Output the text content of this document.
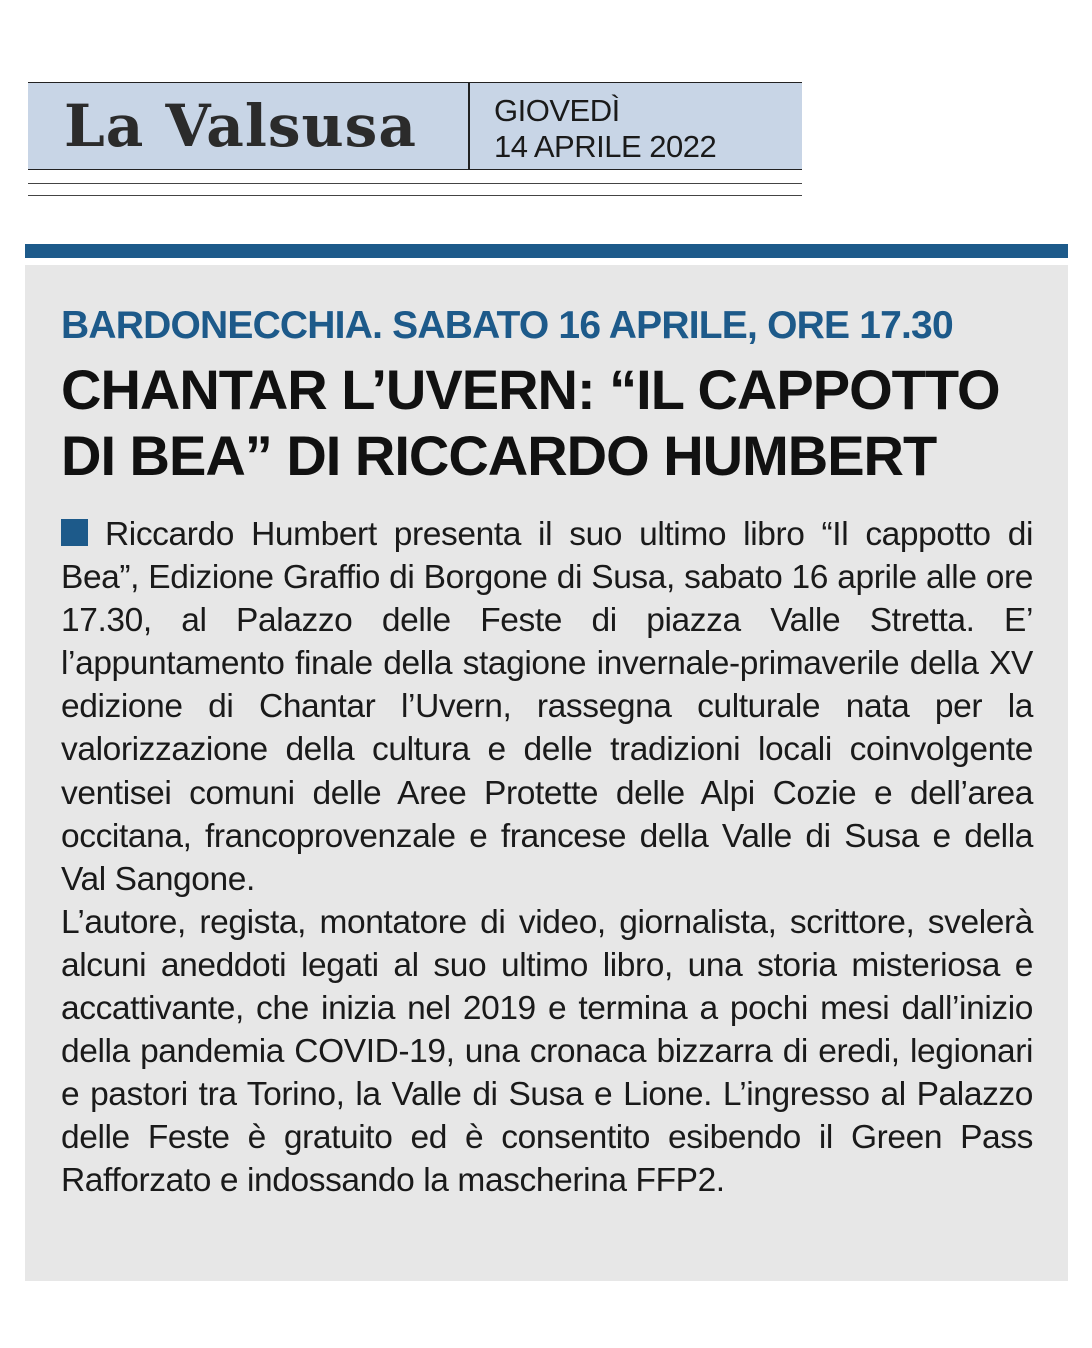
La Valsusa GIOVEDÌ
14 APRILE 2022
BARDONECCHIA. SABATO 16 APRILE, ORE 17.30
CHANTAR L’UVERN: “IL CAPPOTTO
DI BEA” DI RICCARDO HUMBERT

Riccardo Humbert presenta il suo ultimo libro “Il cappotto di Bea”, Edizione Graffio di Borgone di Susa, sabato 16 aprile alle ore 17.30, al Palazzo delle Feste di piazza Valle Stretta. E’ l’appuntamento finale della stagione invernale-primaverile della XV edizione di Chantar l’Uvern, rassegna culturale nata per la valorizzazione della cultura e delle tradizioni locali coinvolgente ventisei comuni delle Aree Protette delle Alpi Cozie e dell’area occitana, francoprovenzale e francese della Valle di Susa e della Val Sangone.

L’autore, regista, montatore di video, giornalista, scrittore, svelerà alcuni aneddoti legati al suo ultimo libro, una storia misteriosa e accattivante, che inizia nel 2019 e termina a pochi mesi dall’inizio della pandemia COVID-19, una cronaca bizzarra di eredi, legionari e pastori tra Torino, la Valle di Susa e Lione. L’ingresso al Palazzo delle Feste è gratuito ed è consentito esibendo il Green Pass Rafforzato e indossando la mascherina FFP2.
